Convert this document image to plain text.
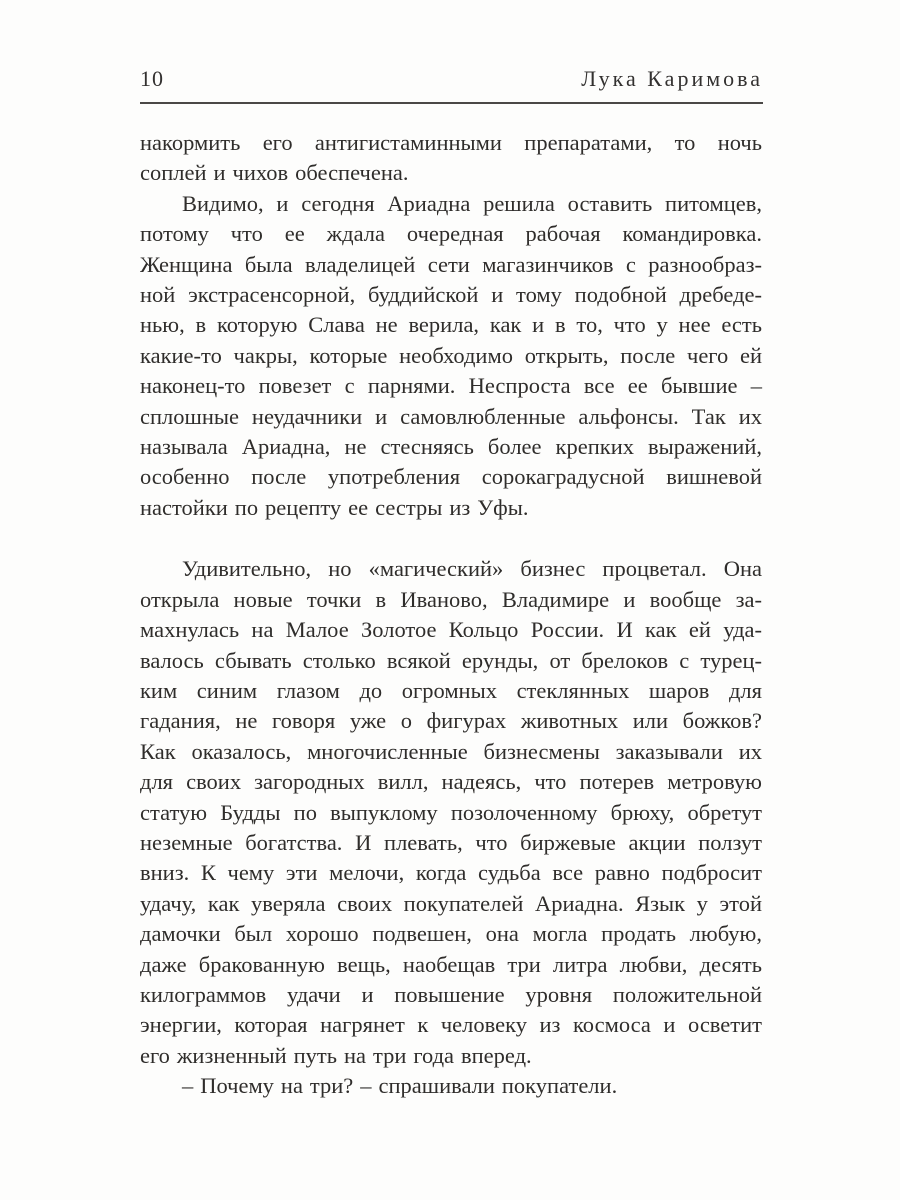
10	Лука Каримова
накормить его антигистаминными препаратами, то ночь
соплей и чихов обеспечена.
Видимо, и сегодня Ариадна решила оставить питомцев,
потому что ее ждала очередная рабочая командировка.
Женщина была владелицей сети магазинчиков с разнообраз-
ной экстрасенсорной, буддийской и тому подобной дребеде-
нью, в которую Слава не верила, как и в то, что у нее есть
какие-то чакры, которые необходимо открыть, после чего ей
наконец-то повезет с парнями. Неспроста все ее бывшие –
сплошные неудачники и самовлюбленные альфонсы. Так их
называла Ариадна, не стесняясь более крепких выражений,
особенно после употребления сорокаградусной вишневой
настойки по рецепту ее сестры из Уфы.
Удивительно, но «магический» бизнес процветал. Она
открыла новые точки в Иваново, Владимире и вообще за-
махнулась на Малое Золотое Кольцо России. И как ей уда-
валось сбывать столько всякой ерунды, от брелоков с турец-
ким синим глазом до огромных стеклянных шаров для
гадания, не говоря уже о фигурах животных или божков?
Как оказалось, многочисленные бизнесмены заказывали их
для своих загородных вилл, надеясь, что потерев метровую
статую Будды по выпуклому позолоченному брюху, обретут
неземные богатства. И плевать, что биржевые акции ползут
вниз. К чему эти мелочи, когда судьба все равно подбросит
удачу, как уверяла своих покупателей Ариадна. Язык у этой
дамочки был хорошо подвешен, она могла продать любую,
даже бракованную вещь, наобещав три литра любви, десять
килограммов удачи и повышение уровня положительной
энергии, которая нагрянет к человеку из космоса и осветит
его жизненный путь на три года вперед.
– Почему на три? – спрашивали покупатели.
